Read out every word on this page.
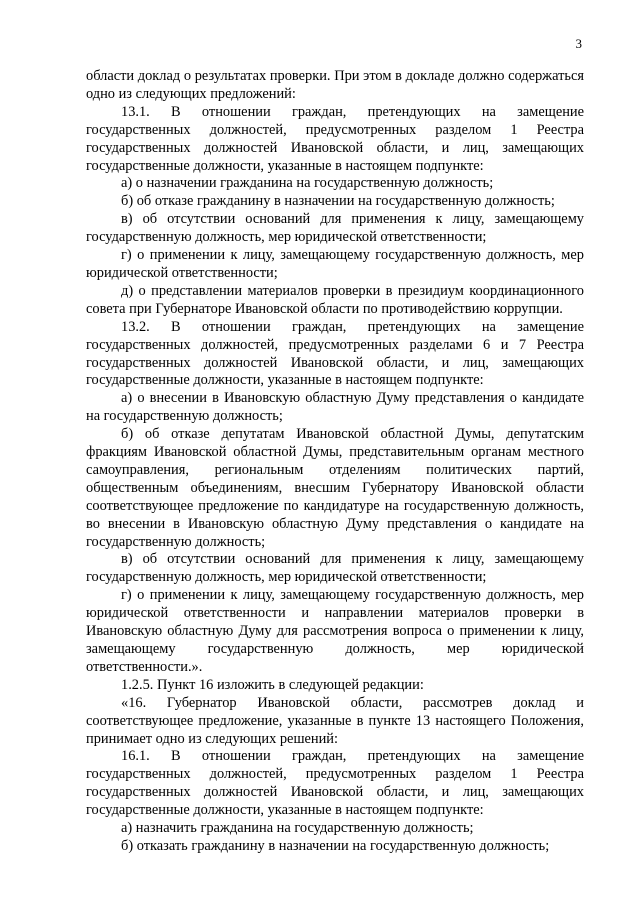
3

области доклад о результатах проверки. При этом в докладе должно содержаться одно из следующих предложений:

13.1. В отношении граждан, претендующих на замещение государственных должностей, предусмотренных разделом 1 Реестра государственных должностей Ивановской области, и лиц, замещающих государственные должности, указанные в настоящем подпункте:

а) о назначении гражданина на государственную должность;

б) об отказе гражданину в назначении на государственную должность;

в) об отсутствии оснований для применения к лицу, замещающему государственную должность, мер юридической ответственности;

г) о применении к лицу, замещающему государственную должность, мер юридической ответственности;

д) о представлении материалов проверки в президиум координационного совета при Губернаторе Ивановской области по противодействию коррупции.

13.2. В отношении граждан, претендующих на замещение государственных должностей, предусмотренных разделами 6 и 7 Реестра государственных должностей Ивановской области, и лиц, замещающих государственные должности, указанные в настоящем подпункте:

а) о внесении в Ивановскую областную Думу представления о кандидате на государственную должность;

б) об отказе депутатам Ивановской областной Думы, депутатским фракциям Ивановской областной Думы, представительным органам местного самоуправления, региональным отделениям политических партий, общественным объединениям, внесшим Губернатору Ивановской области соответствующее предложение по кандидатуре на государственную должность, во внесении в Ивановскую областную Думу представления о кандидате на государственную должность;

в) об отсутствии оснований для применения к лицу, замещающему государственную должность, мер юридической ответственности;

г) о применении к лицу, замещающему государственную должность, мер юридической ответственности и направлении материалов проверки в Ивановскую областную Думу для рассмотрения вопроса о применении к лицу, замещающему государственную должность, мер юридической ответственности.».

1.2.5. Пункт 16 изложить в следующей редакции:

«16. Губернатор Ивановской области, рассмотрев доклад и соответствующее предложение, указанные в пункте 13 настоящего Положения, принимает одно из следующих решений:

16.1. В отношении граждан, претендующих на замещение государственных должностей, предусмотренных разделом 1 Реестра государственных должностей Ивановской области, и лиц, замещающих государственные должности, указанные в настоящем подпункте:

а) назначить гражданина на государственную должность;

б) отказать гражданину в назначении на государственную должность;
